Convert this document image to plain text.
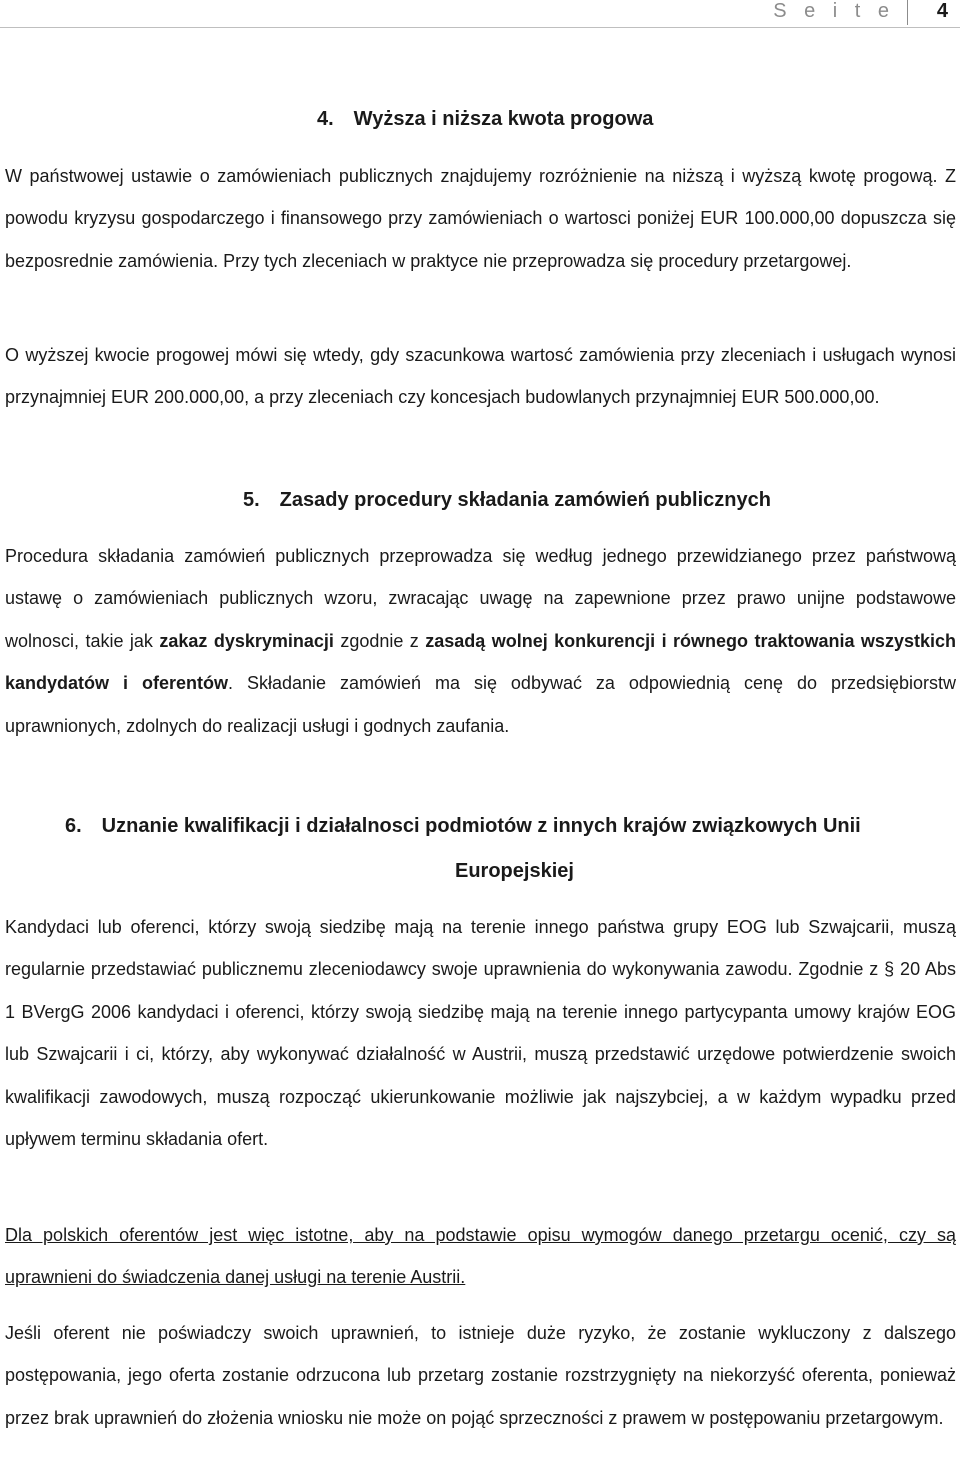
S e i t e	4
4. Wyższa i niższa kwota progowa
W państwowej ustawie o zamówieniach publicznych znajdujemy rozróżnienie na niższą i wyższą kwotę progową. Z powodu kryzysu gospodarczego i finansowego przy zamówieniach o wartosci poniżej EUR 100.000,00 dopuszcza się bezposrednie zamówienia. Przy tych zleceniach w praktyce nie przeprowadza się procedury przetargowej.
O wyższej kwocie progowej mówi się wtedy, gdy szacunkowa wartosć zamówienia przy zleceniach i usługach wynosi przynajmniej EUR 200.000,00, a przy zleceniach czy koncesjach budowlanych przynajmniej EUR 500.000,00.
5. Zasady procedury składania zamówień publicznych
Procedura składania zamówień publicznych przeprowadza się według jednego przewidzianego przez państwową ustawę o zamówieniach publicznych wzoru, zwracając uwagę na zapewnione przez prawo unijne podstawowe wolnosci, takie jak zakaz dyskryminacji zgodnie z zasadą wolnej konkurencji i równego traktowania wszystkich kandydatów i oferentów. Składanie zamówień ma się odbywać za odpowiednią cenę do przedsiębiorstw uprawnionych, zdolnych do realizacji usługi i godnych zaufania.
6. Uznanie kwalifikacji i działalnosci podmiotów z innych krajów związkowych Unii
Europejskiej
Kandydaci lub oferenci, którzy swoją siedzibę mają na terenie innego państwa grupy EOG lub Szwajcarii, muszą regularnie przedstawiać publicznemu zleceniodawcy swoje uprawnienia do wykonywania zawodu. Zgodnie z § 20 Abs 1 BVergG 2006 kandydaci i oferenci, którzy swoją siedzibę mają na terenie innego partycypanta umowy krajów EOG lub Szwajcarii i ci, którzy, aby wykonywać działalność w Austrii, muszą przedstawić urzędowe potwierdzenie swoich kwalifikacji zawodowych, muszą rozpocząć ukierunkowanie możliwie jak najszybciej, a w każdym wypadku przed upływem terminu składania ofert.
Dla polskich oferentów jest więc istotne, aby na podstawie opisu wymogów danego przetargu ocenić, czy są uprawnieni do świadczenia danej usługi na terenie Austrii.
Jeśli oferent nie poświadczy swoich uprawnień, to istnieje duże ryzyko, że zostanie wykluczony z dalszego postępowania, jego oferta zostanie odrzucona lub przetarg zostanie rozstrzygnięty na niekorzyść oferenta, ponieważ przez brak uprawnień do złożenia wniosku nie może on pojąć sprzeczności z prawem w postępowaniu przetargowym.
